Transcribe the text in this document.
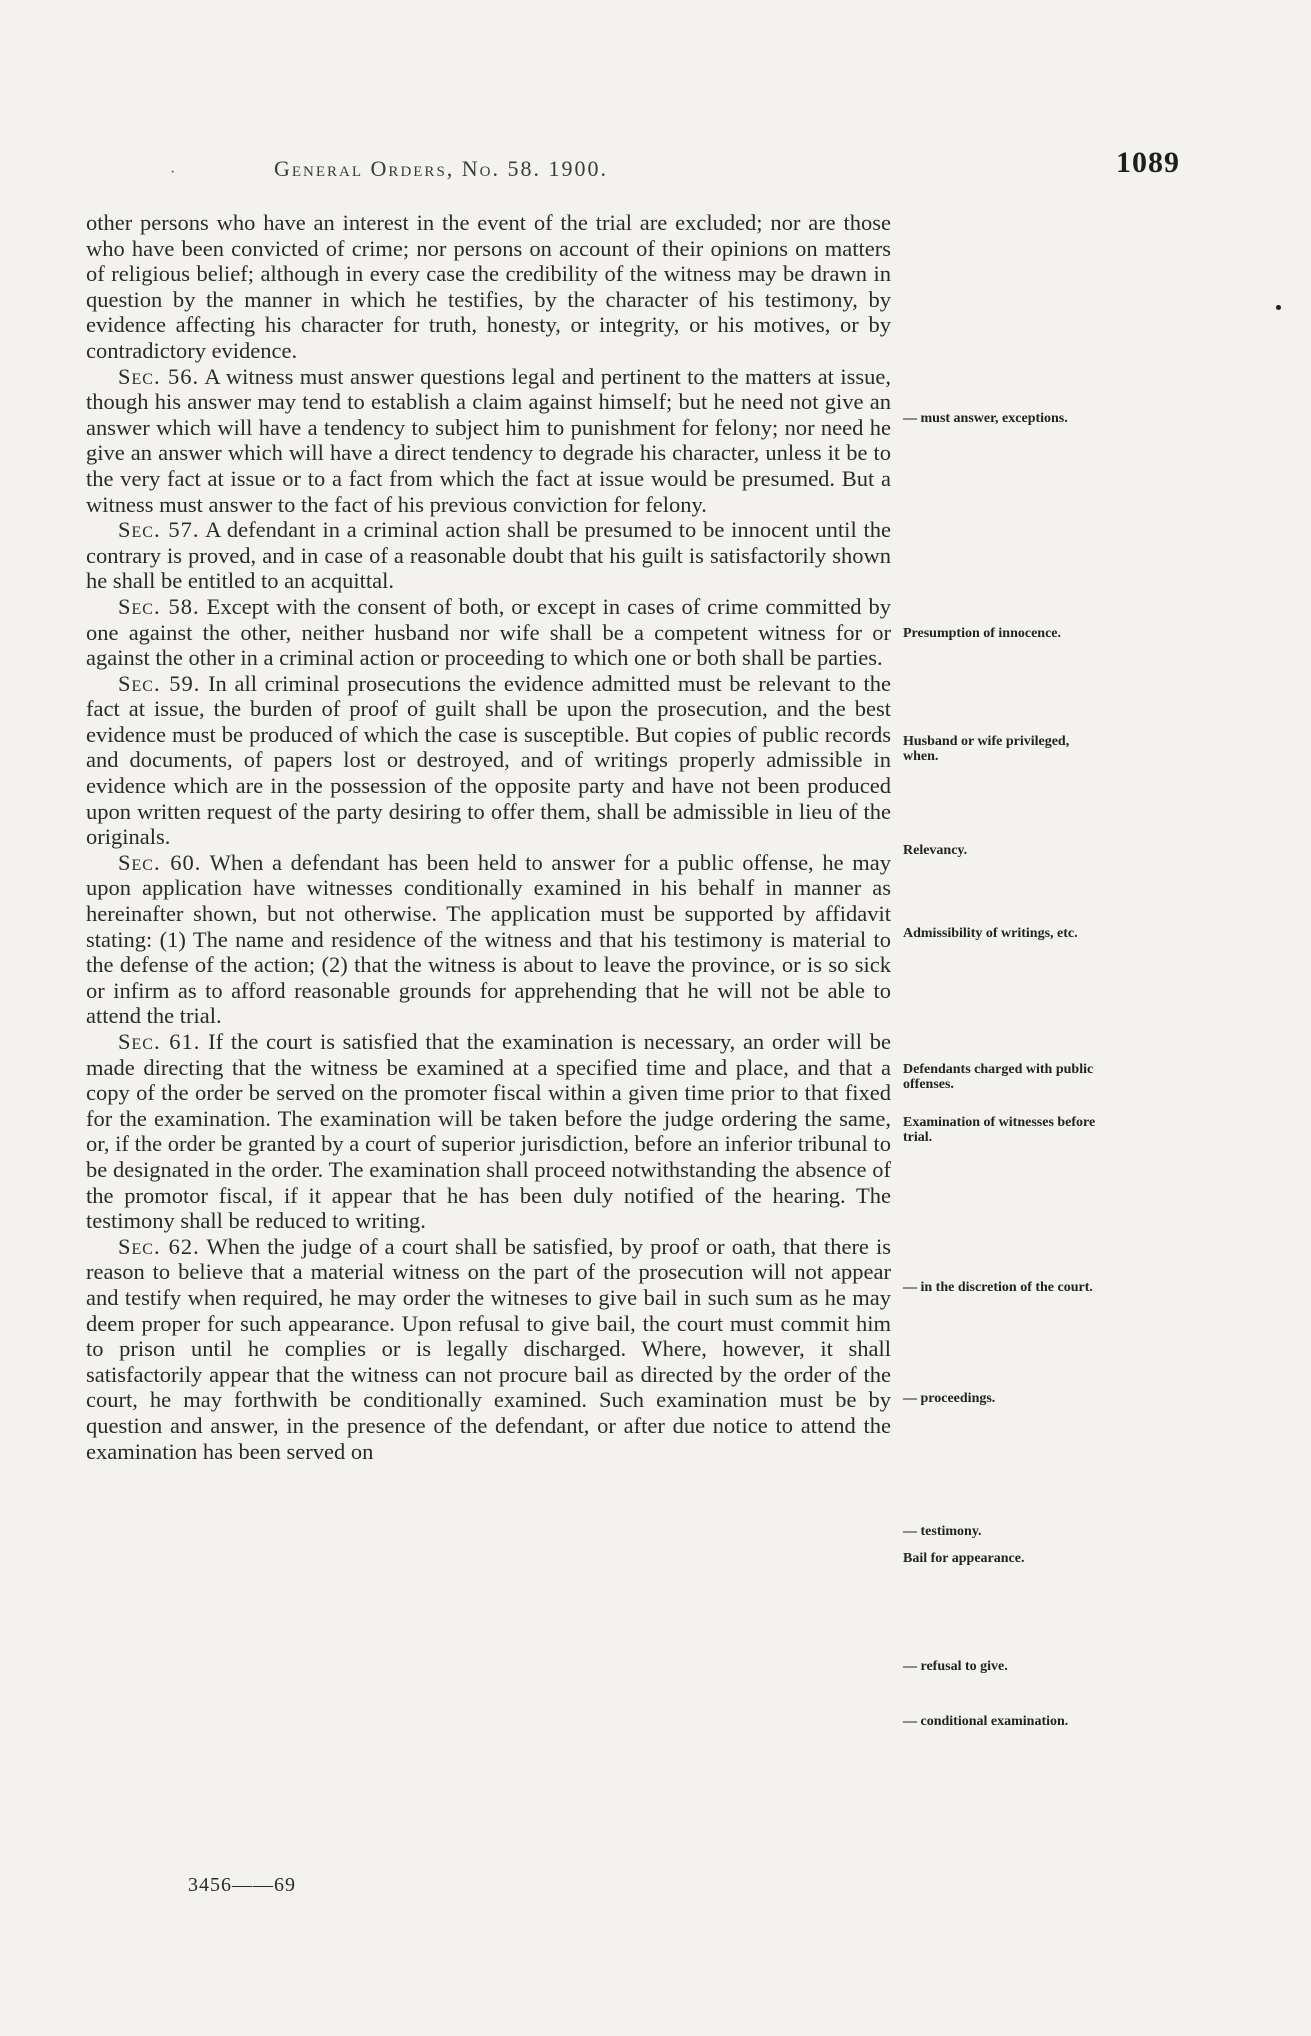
·	General Orders, No. 58. 1900.	1089

other persons who have an interest in the event of the trial are excluded; nor are those who have been convicted of crime; nor persons on account of their opinions on matters of religious belief; although in every case the credibility of the witness may be drawn in question by the manner in which he testifies, by the character of his testimony, by evidence affecting his character for truth, honesty, or integrity, or his motives, or by contradictory evidence.

Sec. 56. A witness must answer questions legal and pertinent to the matters at issue, though his answer may tend to establish a claim against himself; but he need not give an answer which will have a tendency to subject him to punishment for felony; nor need he give an answer which will have a direct tendency to degrade his character, unless it be to the very fact at issue or to a fact from which the fact at issue would be presumed. But a witness must answer to the fact of his previous conviction for felony.

Sec. 57. A defendant in a criminal action shall be presumed to be innocent until the contrary is proved, and in case of a reasonable doubt that his guilt is satisfactorily shown he shall be entitled to an acquittal.

Sec. 58. Except with the consent of both, or except in cases of crime committed by one against the other, neither husband nor wife shall be a competent witness for or against the other in a criminal action or proceeding to which one or both shall be parties.

Sec. 59. In all criminal prosecutions the evidence admitted must be relevant to the fact at issue, the burden of proof of guilt shall be upon the prosecution, and the best evidence must be produced of which the case is susceptible. But copies of public records and documents, of papers lost or destroyed, and of writings properly admissible in evidence which are in the possession of the opposite party and have not been produced upon written request of the party desiring to offer them, shall be admissible in lieu of the originals.

Sec. 60. When a defendant has been held to answer for a public offense, he may upon application have witnesses conditionally examined in his behalf in manner as hereinafter shown, but not otherwise. The application must be supported by affidavit stating: (1) The name and residence of the witness and that his testimony is material to the defense of the action; (2) that the witness is about to leave the province, or is so sick or infirm as to afford reasonable grounds for apprehending that he will not be able to attend the trial.

Sec. 61. If the court is satisfied that the examination is necessary, an order will be made directing that the witness be examined at a specified time and place, and that a copy of the order be served on the promoter fiscal within a given time prior to that fixed for the examination. The examination will be taken before the judge ordering the same, or, if the order be granted by a court of superior jurisdiction, before an inferior tribunal to be designated in the order. The examination shall proceed notwithstanding the absence of the promotor fiscal, if it appear that he has been duly notified of the hearing. The testimony shall be reduced to writing.

Sec. 62. When the judge of a court shall be satisfied, by proof or oath, that there is reason to believe that a material witness on the part of the prosecution will not appear and testify when required, he may order the witneses to give bail in such sum as he may deem proper for such appearance. Upon refusal to give bail, the court must commit him to prison until he complies or is legally discharged. Where, however, it shall satisfactorily appear that the witness can not procure bail as directed by the order of the court, he may forthwith be conditionally examined. Such examination must be by question and answer, in the presence of the defendant, or after due notice to attend the examination has been served on

— must answer, exceptions.
Presumption of innocence.
Husband or wife privileged, when.
Relevancy.
Admissibility of writings, etc.
Defendants charged with public offenses.
Examination of witnesses before trial.
— in the discretion of the court.
— proceedings.
— testimony.
Bail for appearance.
— refusal to give.
— conditional examination.
3456——69
